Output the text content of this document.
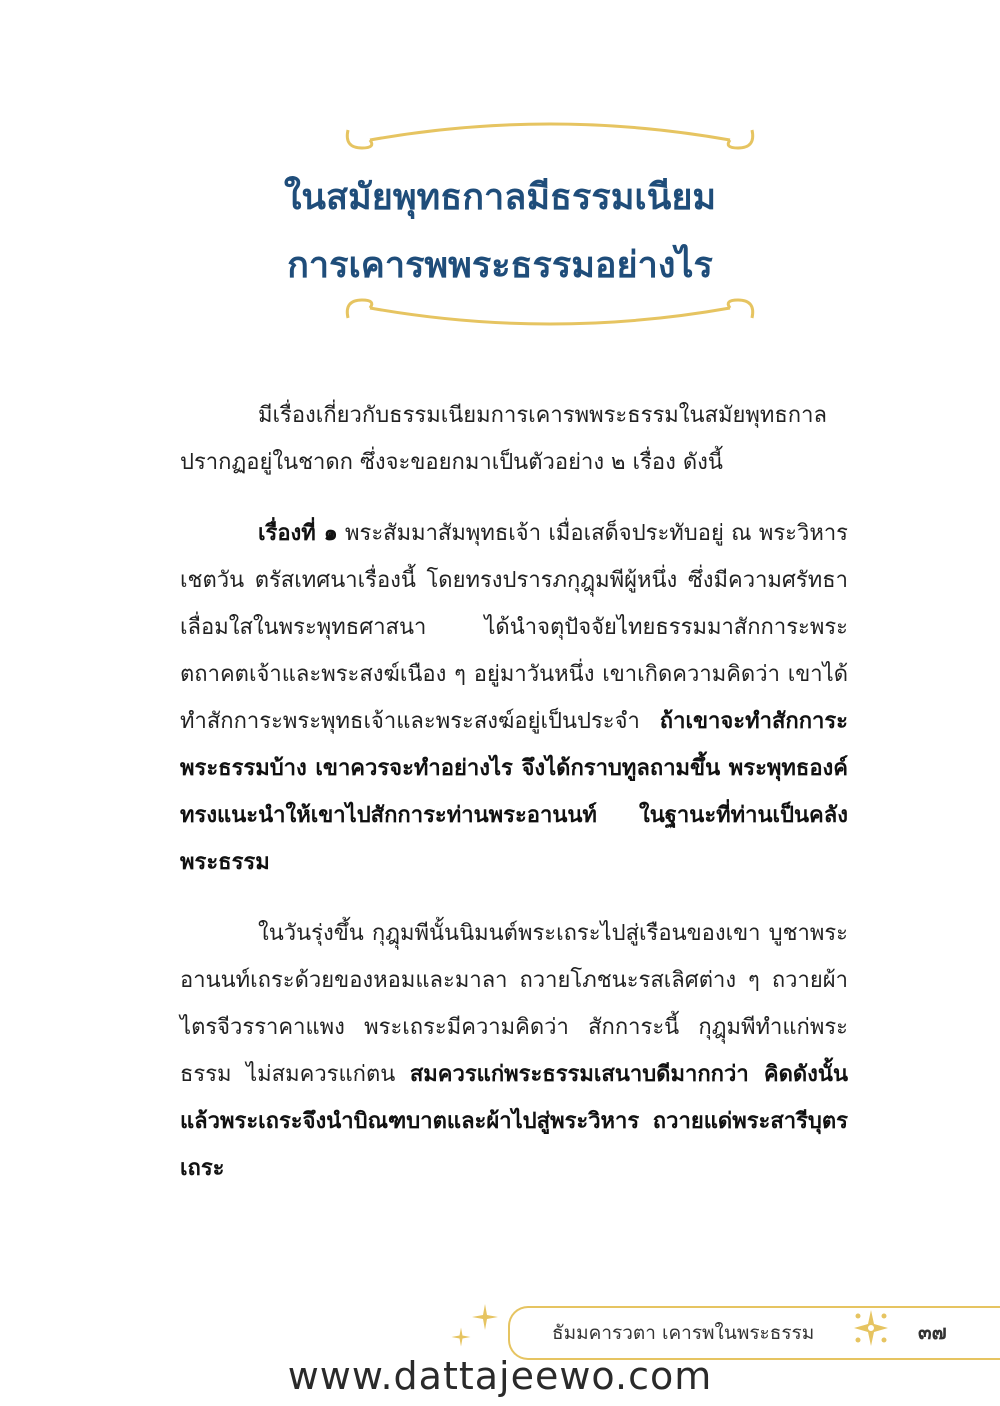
ในสมัยพุทธกาลมีธรรมเนียม
การเคารพพระธรรมอย่างไร

มีเรื่องเกี่ยวกับธรรมเนียมการเคารพพระธรรมในสมัยพุทธกาล ปรากฏอยู่ในชาดก ซึ่งจะขอยกมาเป็นตัวอย่าง ๒ เรื่อง ดังนี้

เรื่องที่ ๑ พระสัมมาสัมพุทธเจ้า เมื่อเสด็จประทับอยู่ ณ พระวิหารเชตวัน ตรัสเทศนาเรื่องนี้ โดยทรงปรารภกุฎุมพีผู้หนึ่ง ซึ่งมีความศรัทธาเลื่อมใสในพระพุทธศาสนา ได้นำจตุปัจจัยไทยธรรมมาสักการะพระตถาคตเจ้าและพระสงฆ์เนือง ๆ อยู่มาวันหนึ่ง เขาเกิดความคิดว่า เขาได้ทำสักการะพระพุทธเจ้าและพระสงฆ์อยู่เป็นประจำ ถ้าเขาจะทำสักการะพระธรรมบ้าง เขาควรจะทำอย่างไร จึงได้กราบทูลถามขึ้น พระพุทธองค์ทรงแนะนำให้เขาไปสักการะท่านพระอานนท์ ในฐานะที่ท่านเป็นคลังพระธรรม

ในวันรุ่งขึ้น กุฎุมพีนั้นนิมนต์พระเถระไปสู่เรือนของเขา บูชาพระอานนท์เถระด้วยของหอมและมาลา ถวายโภชนะรสเลิศต่าง ๆ ถวายผ้าไตรจีวรราคาแพง พระเถระมีความคิดว่า สักการะนี้ กุฎุมพีทำแก่พระธรรม ไม่สมควรแก่ตน สมควรแก่พระธรรมเสนาบดีมากกว่า คิดดังนั้นแล้วพระเถระจึงนำบิณฑบาตและผ้าไปสู่พระวิหาร ถวายแด่พระสารีบุตรเถระ

ธัมมคารวตา เคารพในพระธรรม	๓๗
www.dattajeewo.com
